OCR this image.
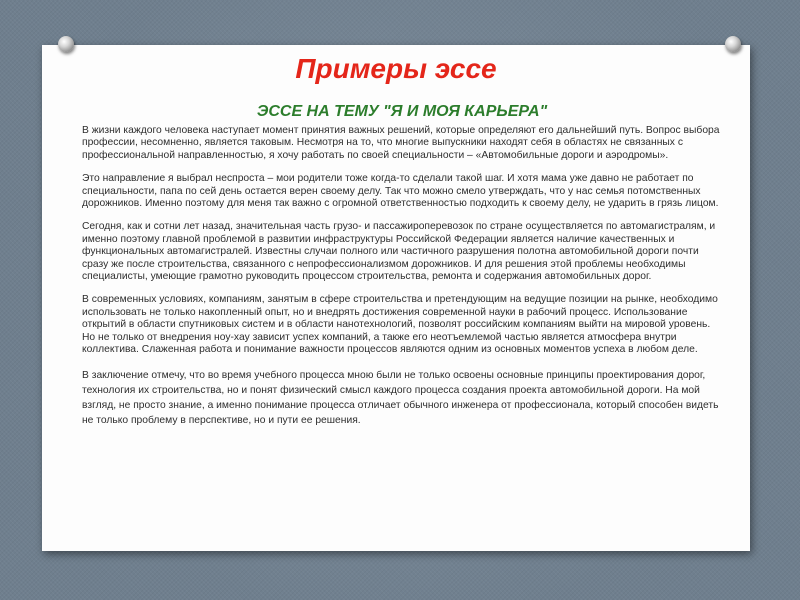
Примеры эссе
ЭССЕ НА ТЕМУ "Я И МОЯ КАРЬЕРА"

В жизни каждого человека наступает момент принятия важных решений, которые определяют его дальнейший путь. Вопрос выбора профессии, несомненно, является таковым. Несмотря на то, что многие выпускники находят себя в областях не связанных с профессиональной направленностью, я хочу работать по своей специальности – «Автомобильные дороги и аэродромы».

Это направление я выбрал неспроста – мои родители тоже когда-то сделали такой шаг. И хотя мама уже давно не работает по специальности, папа по сей день остается верен своему делу. Так что можно смело утверждать, что у нас семья потомственных дорожников. Именно поэтому для меня так важно с огромной ответственностью подходить к своему делу, не ударить в грязь лицом.

Сегодня, как и сотни лет назад, значительная часть грузо- и пассажироперевозок по стране осуществляется по автомагистралям, и именно поэтому главной проблемой в развитии инфраструктуры Российской Федерации является наличие качественных и функциональных автомагистралей. Известны случаи полного или частичного разрушения полотна автомобильной дороги почти сразу же после строительства, связанного с непрофессионализмом дорожников. И для решения этой проблемы необходимы специалисты, умеющие грамотно руководить процессом строительства, ремонта и содержания автомобильных дорог.

В современных условиях, компаниям, занятым в сфере строительства и претендующим на ведущие позиции на рынке, необходимо использовать не только накопленный опыт, но и внедрять достижения современной науки в рабочий процесс. Использование открытий в области спутниковых систем и в области нанотехнологий, позволят российским компаниям выйти на мировой уровень. Но не только от внедрения ноу-хау зависит успех компаний, а также его неотъемлемой частью является атмосфера внутри коллектива. Слаженная работа и понимание важности процессов являются одним из основных моментов успеха в любом деле.

В заключение отмечу, что во время учебного процесса мною были не только освоены основные принципы проектирования дорог, технология их строительства, но и понят физический смысл каждого процесса создания проекта автомобильной дороги. На мой взгляд, не просто знание, а именно понимание процесса отличает обычного инженера от профессионала, который способен видеть не только проблему в перспективе, но и пути ее решения.
